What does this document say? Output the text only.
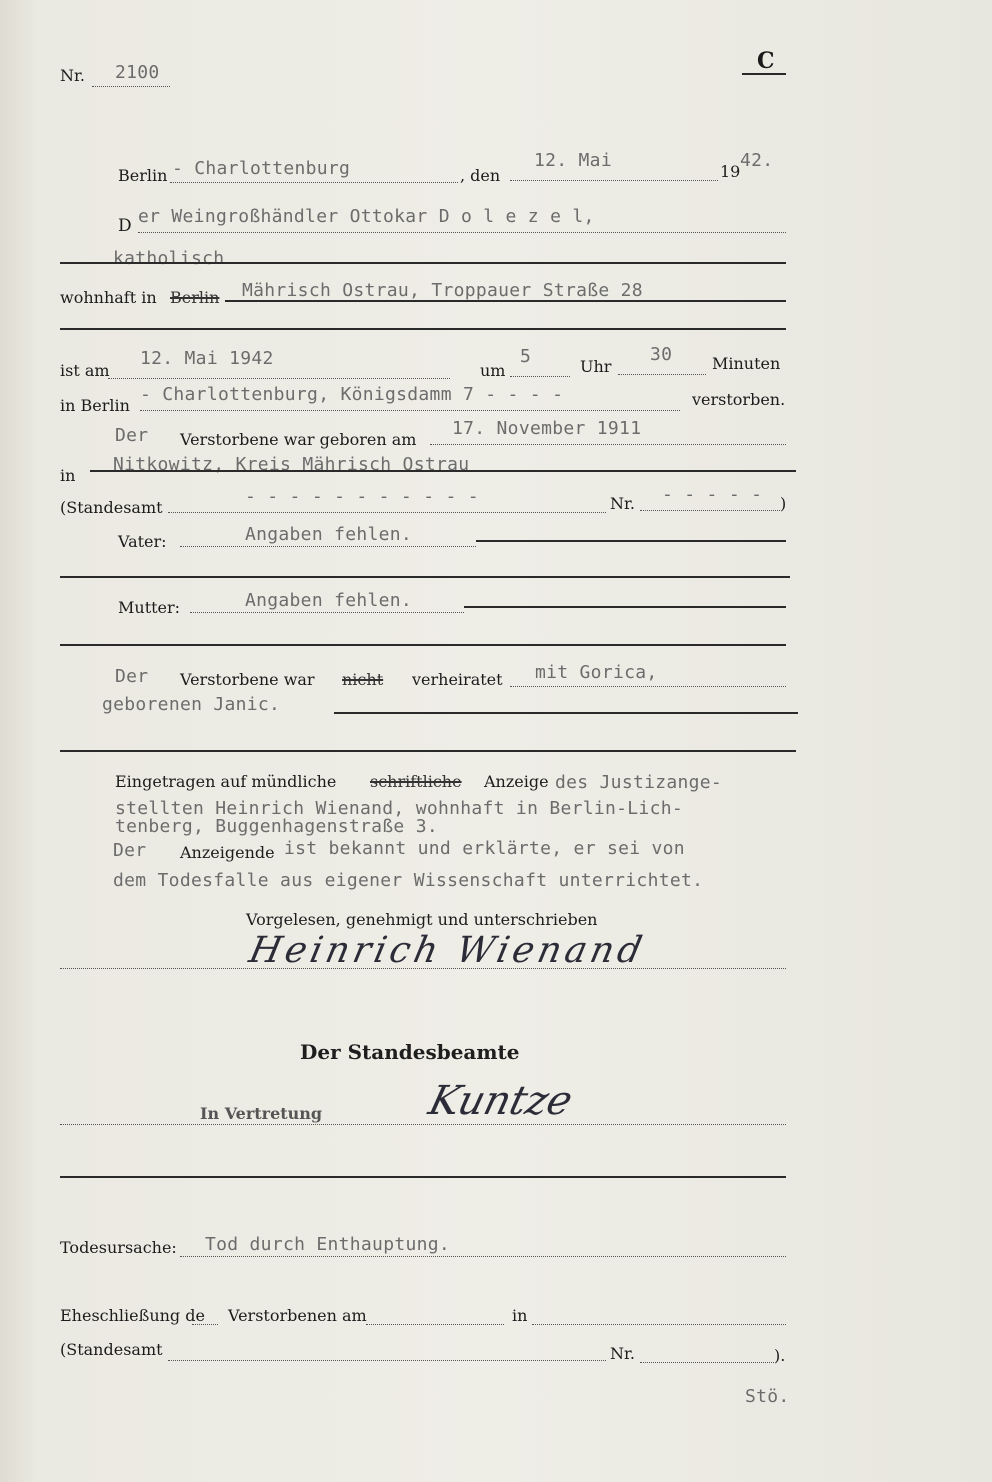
Nr. 2100	C
Berlin - Charlottenburg	, den
12. Mai
19
42.
D er Weingroßhändler Ottokar D o l e z e l,
katholisch
wohnhaft in Berlin Mährisch Ostrau, Troppauer Straße 28
ist am
12. Mai 1942
um
5	Uhr
30 Minuten
in Berlin
- Charlottenburg, Königsdamm 7 - - - -	verstorben.
Der Verstorbene war geboren am
17. November 1911
in
Nitkowitz, Kreis Mährisch Ostrau
(Standesamt
- - - - - - - - - - -	Nr. - - - - - )
Vater:	Angaben fehlen.
Mutter:	Angaben fehlen.
Der Verstorbene war nicht verheiratet mit Gorica,
geborenen Janic.
Eingetragen auf mündliche schriftliche Anzeige des Justizange-
stellten Heinrich Wienand, wohnhaft in Berlin-Lich-
tenberg, Buggenhagenstraße 3.
Der Anzeigende ist bekannt und erklärte, er sei von
dem Todesfalle aus eigener Wissenschaft unterrichtet.
Vorgelesen, genehmigt und unterschrieben
Heinrich Wienand
Der Standesbeamte
In Vertretung	Kuntze
Todesursache: Tod durch Enthauptung.
Eheschließung de Verstorbenen am	in
(Standesamt	Nr.	).
Stö.
